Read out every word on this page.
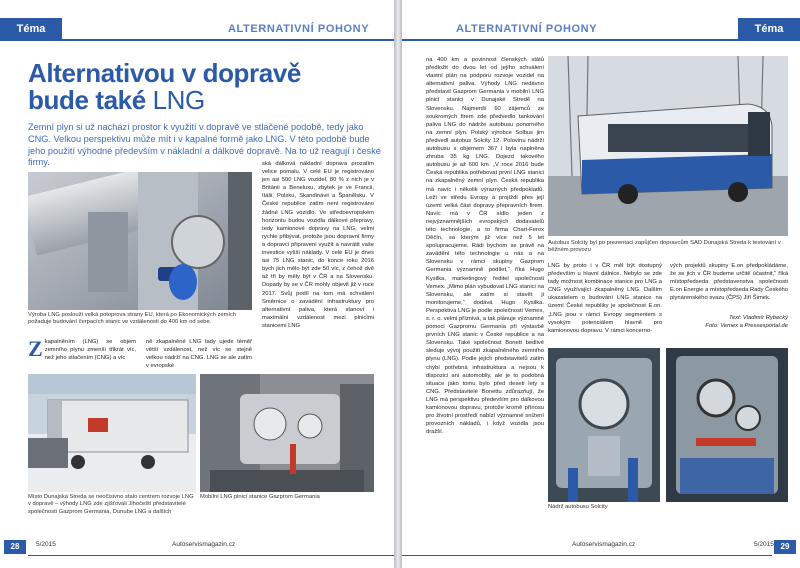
Téma	ALTERNATIVNÍ POHONY
Alternativou v dopravě
bude také LNG
Zemní plyn si už nachází prostor k využití v dopravě ve stlačené podobě, tedy jako CNG. Velkou perspektivu může mít i v kapalné formě jako LNG. V této podobě bude jeho použití výhodné především v nákladní a dálkové dopravě. Na to už reagují i české firmy.
Výroba LNG poslouží velká potoprova strany EU, která po Ekonomických zemích požaduje budování čerpacích stanic ve vzdálenosti do 400 km od sebe.
Zkapalněním (LNG) se objem zemního plynu zmenší třikrát víc, než jeho stlačením (CNG) a víc
ně zkapalněné LNG tady ujede téměř větší vzdálenost, než víc se stejně velkou nádrží na CNG. LNG se ale zatím v evropské
ská dálková nákladní doprava prozatím velice pomalu. V celé EU je registrováno jen asi 500 LNG vozidel, 80 % z nich je v Británii a Beneluxu, zbytek je ve Francii, Itálii, Polsku, Skandinávii a Španělsku. V České republice zatím není registrováno žádné LNG vozidlo. Ve středoevropském horizontu budou vozidla dálkové přepravy, tedy kamionové dopravy na LNG, velmi rychle přibývat, protože jsou dopravní firmy a dopravci připraveni využít a navrátit vaše investice vyšší náklady. V celé EU je dnes asi 75 LNG stanic, do konce roku 2016 bych jich mělo být zde 50 víc, z čehož dvě až tři by měly být v ČR a na Slovensku. Dopady by se v ČR mohly objevit již v roce 2017. Svůj podíl na tom má schválení Směrnice o zavádění infrastruktury pro alternativní paliva, která stanoví i maximální vzdálenost mezi plnicími stanicemi LNG
Místo Dunajská Streda se neočisivno stalo centrem rozvoje LNG v dopravě – výhody LNG zde zjišťovali Jihočeští představitelé společnosti Gazprom Germania, Dunube LNG a dalších
Mobilní LNG plnicí stanice Gazprom Germania
28	5/2015	Autoservismagazin.cz
ALTERNATIVNÍ POHONY	Téma
na 400 km a povinnost členských států předložit do dvou let od jejího schválení vlastní plán na podporu rozvoje vozidel na alternativní paliva. Výhody LNG nedávno představil Gazprom Germania v mobilní LNG plnicí stanici v Dunajské Stredě na Slovensku. Najmenší 60 zájemců ze soukromých firem zde předvedlo tankování paliva LNG do nádrže autobusu ponorného na zemní plyn. Polský výrobce Solbus jim předvedl autobus Solcity 12. Polovinu nádrží autobusu s objemem 367 l byla naplněna zhruba 35 kg LNG. Dojezd takového autobusu je až 600 km. „V roce 2016 bude Česká republika potřebovat první LNG stanici na zkapalněný zemní plyn. Česká republika má navíc i několik výrazných předpokladů. Leží ve středu Evropy a projíždí přes její území velká část dopravy přepravních firem. Navíc má v ČR sídlo jeden z nejvýznamnějších evropských dodavatelů této technologie, a to firma Chart-Ferox Děčín, sa kterým již více než 5 let spolupracujeme. Rádi bychom se právě na zavádění této technologie u nás a na Slovensku v rámci skupiny Gazprom Germania významně podílet,“ říká Hugo Kysilka, marketingový ředitel společnosti Vemex. „Mimo plán vybudovat LNG stanici na Slovensku, ale zatím si stavět ji monitorujeme,“ dodává Hugo Kysilka. Perspektiva LNG je podle společnosti Vemex, s. r. o. velmi příznivá, a tak plánuje významně pomoci Gazpromu Germania při výstavbě prvních LNG stanic v České republice a na Slovensku. Také společnost Bonett bedlivě sleduje vývoj použití zkapalněného zemního plynu (LNG). Podle jejích představitelů zatím chybí potřebná infrastruktura a nejsou k dispozici ani automobily, ale je to podobná situace jako tomu bylo před deseti lety s CNG. Představitelé Bonettu zdůrazňují, že LNG má perspektivu především pro dálkovou kamionovou dopravu, protože kromě přínosu pro životní prostředí nabízí významné snížení provozních nákladů, i když vozidla jsou dražší.
Autobus Solcity byl po prezentaci zapůjčen dopravcům SAD Dunajská Streda k testování v běžném provozu
LNG by proto i v ČR měl být dostupný především u hlavní dálnice. Nebylo se zde tady možnost kombinace stanice pro LNG a CNG využívající zkapalněný LNG. Dalším ukazatelem o budování LNG stanice na území České republiky je společnost E.on. „LNG jsou v rámci Evropy segmentem s vysokým potenciálem hlavně pro kamionovou dopravu. V rámci koncerno-
vých projektů skupiny E.on předpokládáme, že se jich v ČR budeme určitě účastnit,“ říká místopředseda představenstva společnosti E.on Energie a místopředseda Rady Českého plynárenského svazu (ČPS) Jiří Šimek.
Text: Vladimír Rybecký
Foto: Vemex a Pressesportal.de
Nádrž autobusu Solcity
Autoservismagazin.cz	5/2015 29
